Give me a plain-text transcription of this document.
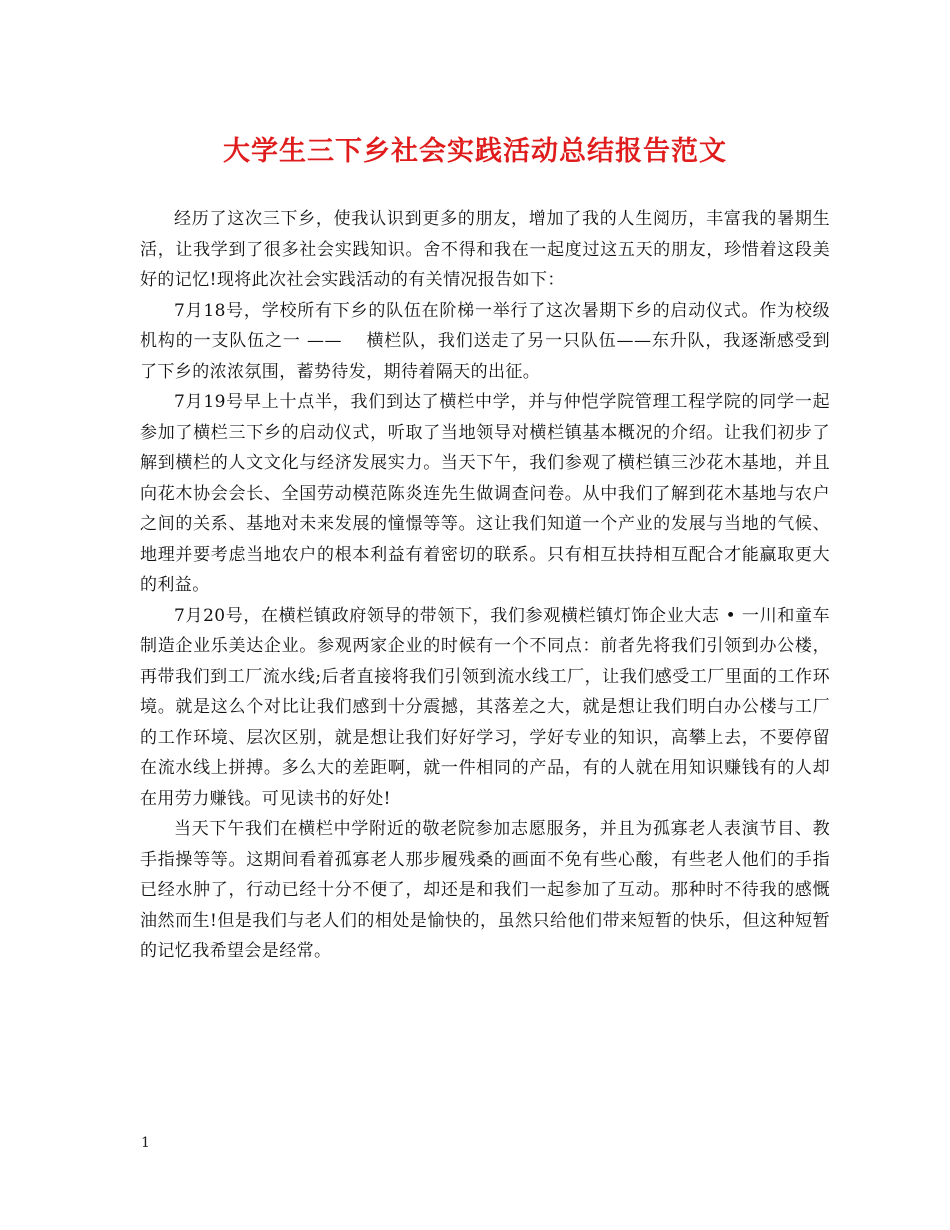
大学生三下乡社会实践活动总结报告范文

经历了这次三下乡，使我认识到更多的朋友，增加了我的人生阅历，丰富我的暑期生活，让我学到了很多社会实践知识。舍不得和我在一起度过这五天的朋友，珍惜着这段美好的记忆!现将此次社会实践活动的有关情况报告如下：

7月18号，学校所有下乡的队伍在阶梯一举行了这次暑期下乡的启动仪式。作为校级机构的一支队伍之一 ——　 横栏队，我们送走了另一只队伍——东升队，我逐渐感受到了下乡的浓浓氛围，蓄势待发，期待着隔天的出征。

7月19号早上十点半，我们到达了横栏中学，并与仲恺学院管理工程学院的同学一起参加了横栏三下乡的启动仪式，听取了当地领导对横栏镇基本概况的介绍。让我们初步了解到横栏的人文文化与经济发展实力。当天下午，我们参观了横栏镇三沙花木基地，并且向花木协会会长、全国劳动模范陈炎连先生做调查问卷。从中我们了解到花木基地与农户之间的关系、基地对未来发展的憧憬等等。这让我们知道一个产业的发展与当地的气候、地理并要考虑当地农户的根本利益有着密切的联系。只有相互扶持相互配合才能赢取更大的利益。

7月20号，在横栏镇政府领导的带领下，我们参观横栏镇灯饰企业大志 • 一川和童车制造企业乐美达企业。参观两家企业的时候有一个不同点：前者先将我们引领到办公楼，再带我们到工厂流水线;后者直接将我们引领到流水线工厂，让我们感受工厂里面的工作环境。就是这么个对比让我们感到十分震撼，其落差之大，就是想让我们明白办公楼与工厂的工作环境、层次区别，就是想让我们好好学习，学好专业的知识，高攀上去，不要停留在流水线上拼搏。多么大的差距啊，就一件相同的产品，有的人就在用知识赚钱有的人却在用劳力赚钱。可见读书的好处!

当天下午我们在横栏中学附近的敬老院参加志愿服务，并且为孤寡老人表演节目、教手指操等等。这期间看着孤寡老人那步履残桑的画面不免有些心酸，有些老人他们的手指已经水肿了，行动已经十分不便了，却还是和我们一起参加了互动。那种时不待我的感慨油然而生!但是我们与老人们的相处是愉快的，虽然只给他们带来短暂的快乐，但这种短暂的记忆我希望会是经常。

1
